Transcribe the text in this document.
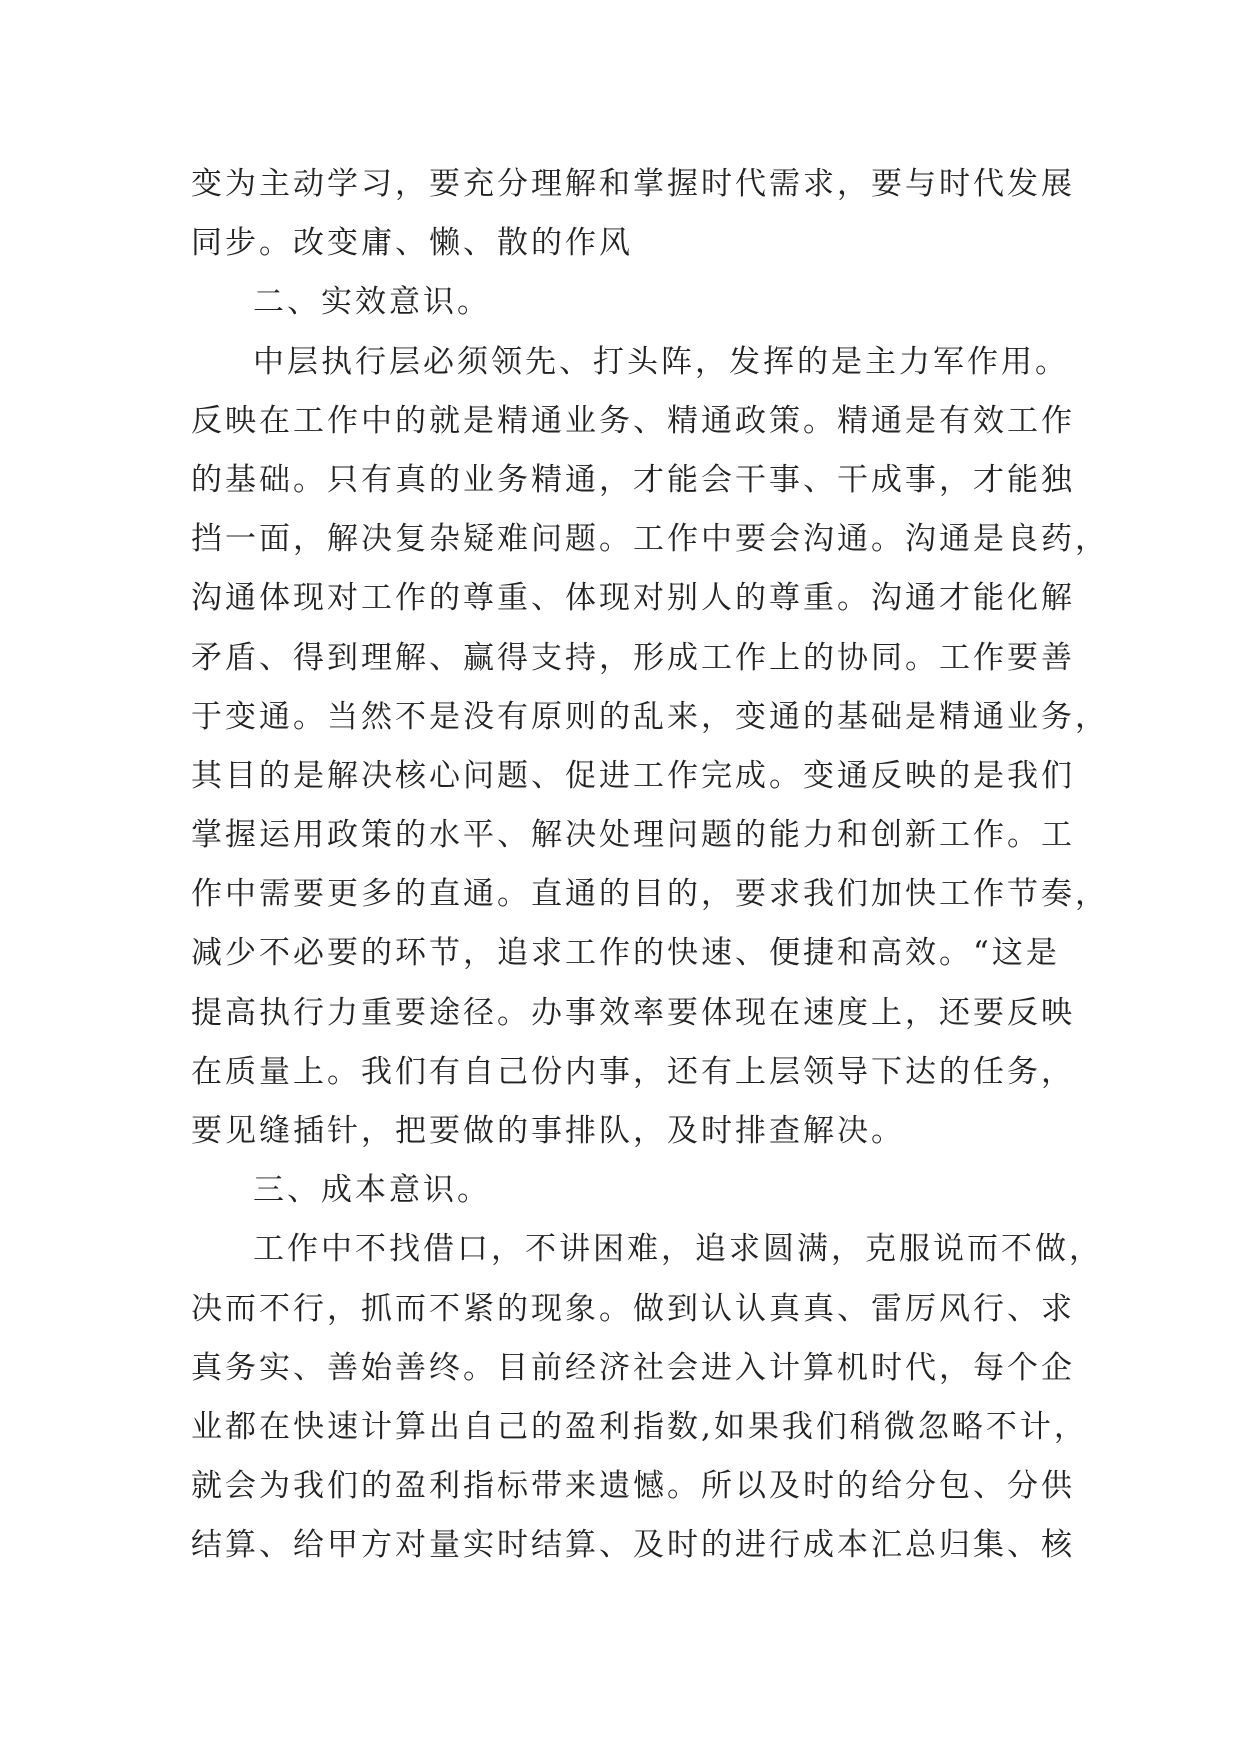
变为主动学习，要充分理解和掌握时代需求，要与时代发展
同步。改变庸、懒、散的作风
二、实效意识。
中层执行层必须领先、打头阵，发挥的是主力军作用。
反映在工作中的就是精通业务、精通政策。精通是有效工作
的基础。只有真的业务精通，才能会干事、干成事，才能独
挡一面，解决复杂疑难问题。工作中要会沟通。沟通是良药，
沟通体现对工作的尊重、体现对别人的尊重。沟通才能化解
矛盾、得到理解、赢得支持，形成工作上的协同。工作要善
于变通。当然不是没有原则的乱来，变通的基础是精通业务，
其目的是解决核心问题、促进工作完成。变通反映的是我们
掌握运用政策的水平、解决处理问题的能力和创新工作。工
作中需要更多的直通。直通的目的，要求我们加快工作节奏，
减少不必要的环节，追求工作的快速、便捷和高效。“这是
提高执行力重要途径。办事效率要体现在速度上，还要反映
在质量上。我们有自己份内事，还有上层领导下达的任务，
要见缝插针，把要做的事排队，及时排查解决。
三、成本意识。
工作中不找借口，不讲困难，追求圆满，克服说而不做，
决而不行，抓而不紧的现象。做到认认真真、雷厉风行、求
真务实、善始善终。目前经济社会进入计算机时代，每个企
业都在快速计算出自己的盈利指数,如果我们稍微忽略不计，
就会为我们的盈利指标带来遗憾。所以及时的给分包、分供
结算、给甲方对量实时结算、及时的进行成本汇总归集、核
